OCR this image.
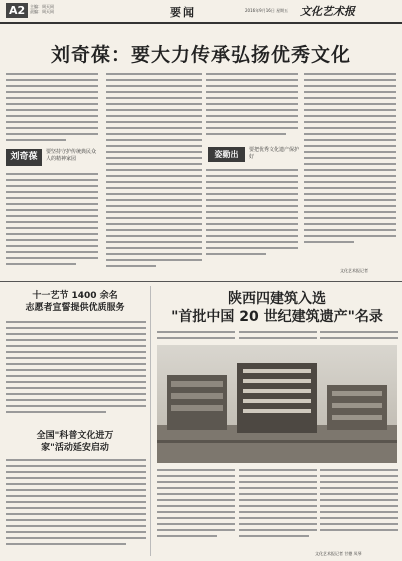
A2	主编：周天同
责编：周天同	要闻	2016年9月16日 星期五 文化艺术报
刘奇葆：要大力传承弘扬优秀文化
刘奇葆	要坚持守护传统典民众人的精神家园	姿勤出	要把优秀文化遗产保护好
文化艺术报记者
十一艺节 1400 余名
志愿者宣誓提供优质服务
全国"科普文化进万
家"活动延安启动
陕西四建筑入选
"首批中国 20 世纪建筑遗产"名录
文化艺术报记者 甘德 凤琴
